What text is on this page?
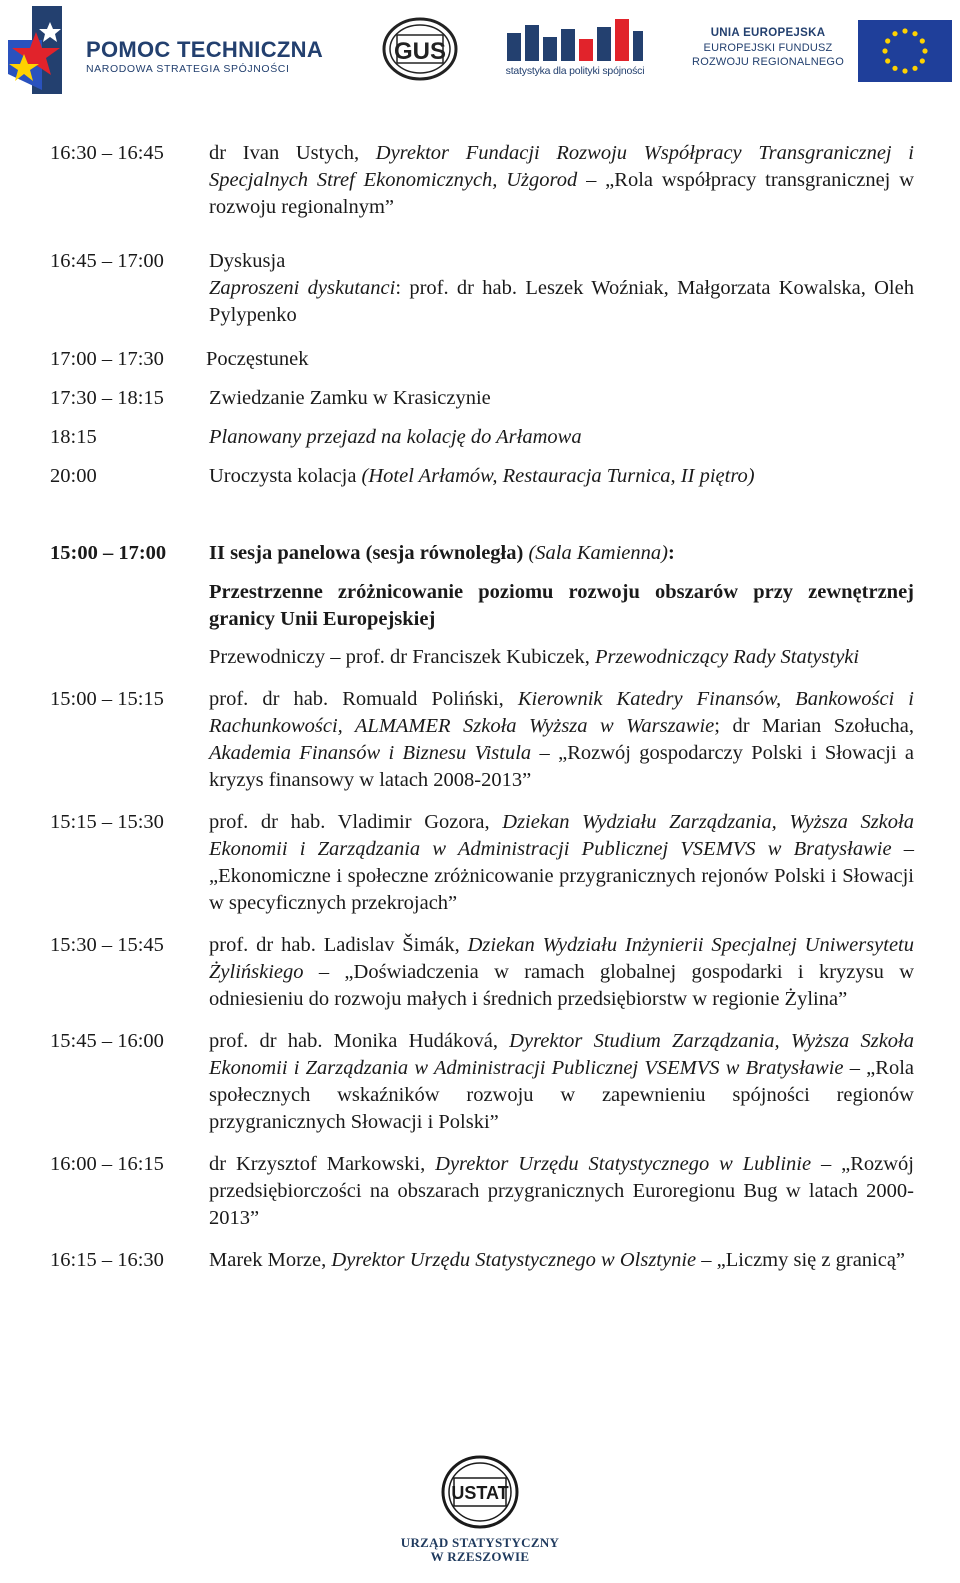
POMOC TECHNICZNA
NARODOWA STRATEGIA SPÓJNOŚCI
GUS
statystyka dla polityki spójności
UNIA EUROPEJSKA
EUROPEJSKI FUNDUSZ
ROZWOJU REGIONALNEGO
16:30 – 16:45	dr Ivan Ustych, Dyrektor Fundacji Rozwoju Współpracy Transgranicznej i Specjalnych Stref Ekonomicznych, Użgorod – „Rola współpracy transgranicznej w rozwoju regionalnym”
16:45 – 17:00	Dyskusja
Zaproszeni dyskutanci: prof. dr hab. Leszek Woźniak, Małgorzata Kowalska, Oleh Pylypenko
17:00 – 17:30	Poczęstunek
17:30 – 18:15	Zwiedzanie Zamku w Krasiczynie
18:15	Planowany przejazd na kolację do Arłamowa
20:00	Uroczysta kolacja (Hotel Arłamów, Restauracja Turnica, II piętro)
15:00 – 17:00	II sesja panelowa (sesja równoległa) (Sala Kamienna):
Przestrzenne zróżnicowanie poziomu rozwoju obszarów przy zewnętrznej granicy Unii Europejskiej
Przewodniczy – prof. dr Franciszek Kubiczek, Przewodniczący Rady Statystyki
15:00 – 15:15	prof. dr hab. Romuald Poliński, Kierownik Katedry Finansów, Bankowości i Rachunkowości, ALMAMER Szkoła Wyższa w Warszawie; dr Marian Szołucha, Akademia Finansów i Biznesu Vistula – „Rozwój gospodarczy Polski i Słowacji a kryzys finansowy w latach 2008-2013”
15:15 – 15:30	prof. dr hab. Vladimir Gozora, Dziekan Wydziału Zarządzania, Wyższa Szkoła Ekonomii i Zarządzania w Administracji Publicznej VSEMVS w Bratysławie – „Ekonomiczne i społeczne zróżnicowanie przygranicznych rejonów Polski i Słowacji w specyficznych przekrojach”
15:30 – 15:45	prof. dr hab. Ladislav Šimák, Dziekan Wydziału Inżynierii Specjalnej Uniwersytetu Żylińskiego – „Doświadczenia w ramach globalnej gospodarki i kryzysu w odniesieniu do rozwoju małych i średnich przedsiębiorstw w regionie Żylina”
15:45 – 16:00	prof. dr hab. Monika Hudáková, Dyrektor Studium Zarządzania, Wyższa Szkoła Ekonomii i Zarządzania w Administracji Publicznej VSEMVS w Bratysławie – „Rola społecznych wskaźników rozwoju w zapewnieniu spójności regionów przygranicznych Słowacji i Polski”
16:00 – 16:15	dr Krzysztof Markowski, Dyrektor Urzędu Statystycznego w Lublinie – „Rozwój przedsiębiorczości na obszarach przygranicznych Euroregionu Bug w latach 2000-2013”
16:15 – 16:30	Marek Morze, Dyrektor Urzędu Statystycznego w Olsztynie – „Liczmy się z granicą”
USTAT
URZĄD STATYSTYCZNY
W RZESZOWIE
